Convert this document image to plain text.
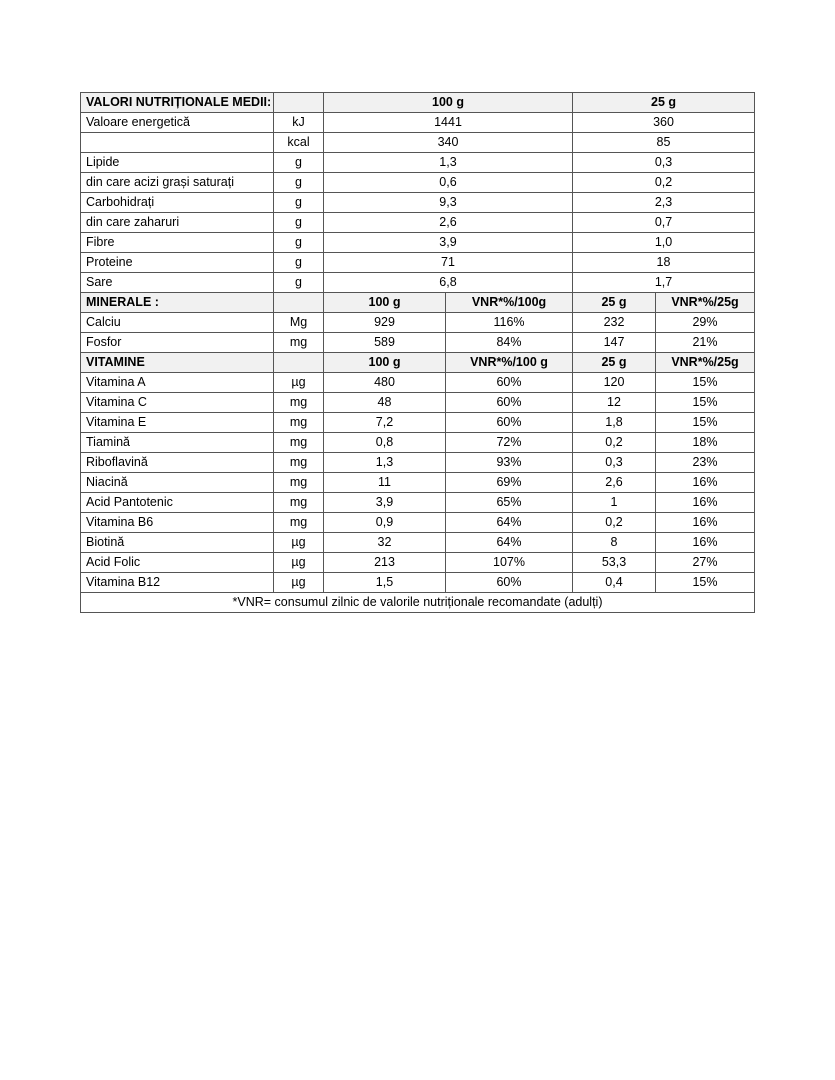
VALORI NUTRIȚIONALE MEDII:		100 g		25 g	
Valoare energetică	kJ	1441		360	
	kcal	340		85	
Lipide	g	1,3		0,3	
din care acizi grași saturați	g	0,6		0,2	
Carbohidrați	g	9,3		2,3	
din care zaharuri	g	2,6		0,7	
Fibre	g	3,9		1,0	
Proteine	g	71		18	
Sare	g	6,8		1,7	
MINERALE :		100 g	VNR*%/100g	25 g	VNR*%/25g
Calciu	Mg	929	116%	232	29%
Fosfor	mg	589	84%	147	21%
VITAMINE		100 g	VNR*%/100 g	25 g	VNR*%/25g
Vitamina A	µg	480	60%	120	15%
Vitamina C	mg	48	60%	12	15%
Vitamina E	mg	7,2	60%	1,8	15%
Tiamină	mg	0,8	72%	0,2	18%
Riboflavină	mg	1,3	93%	0,3	23%
Niacină	mg	11	69%	2,6	16%
Acid Pantotenic	mg	3,9	65%	1	16%
Vitamina B6	mg	0,9	64%	0,2	16%
Biotină	µg	32	64%	8	16%
Acid Folic	µg	213	107%	53,3	27%
Vitamina B12	µg	1,5	60%	0,4	15%
*VNR= consumul zilnic de valorile nutriționale recomandate (adulți)					
